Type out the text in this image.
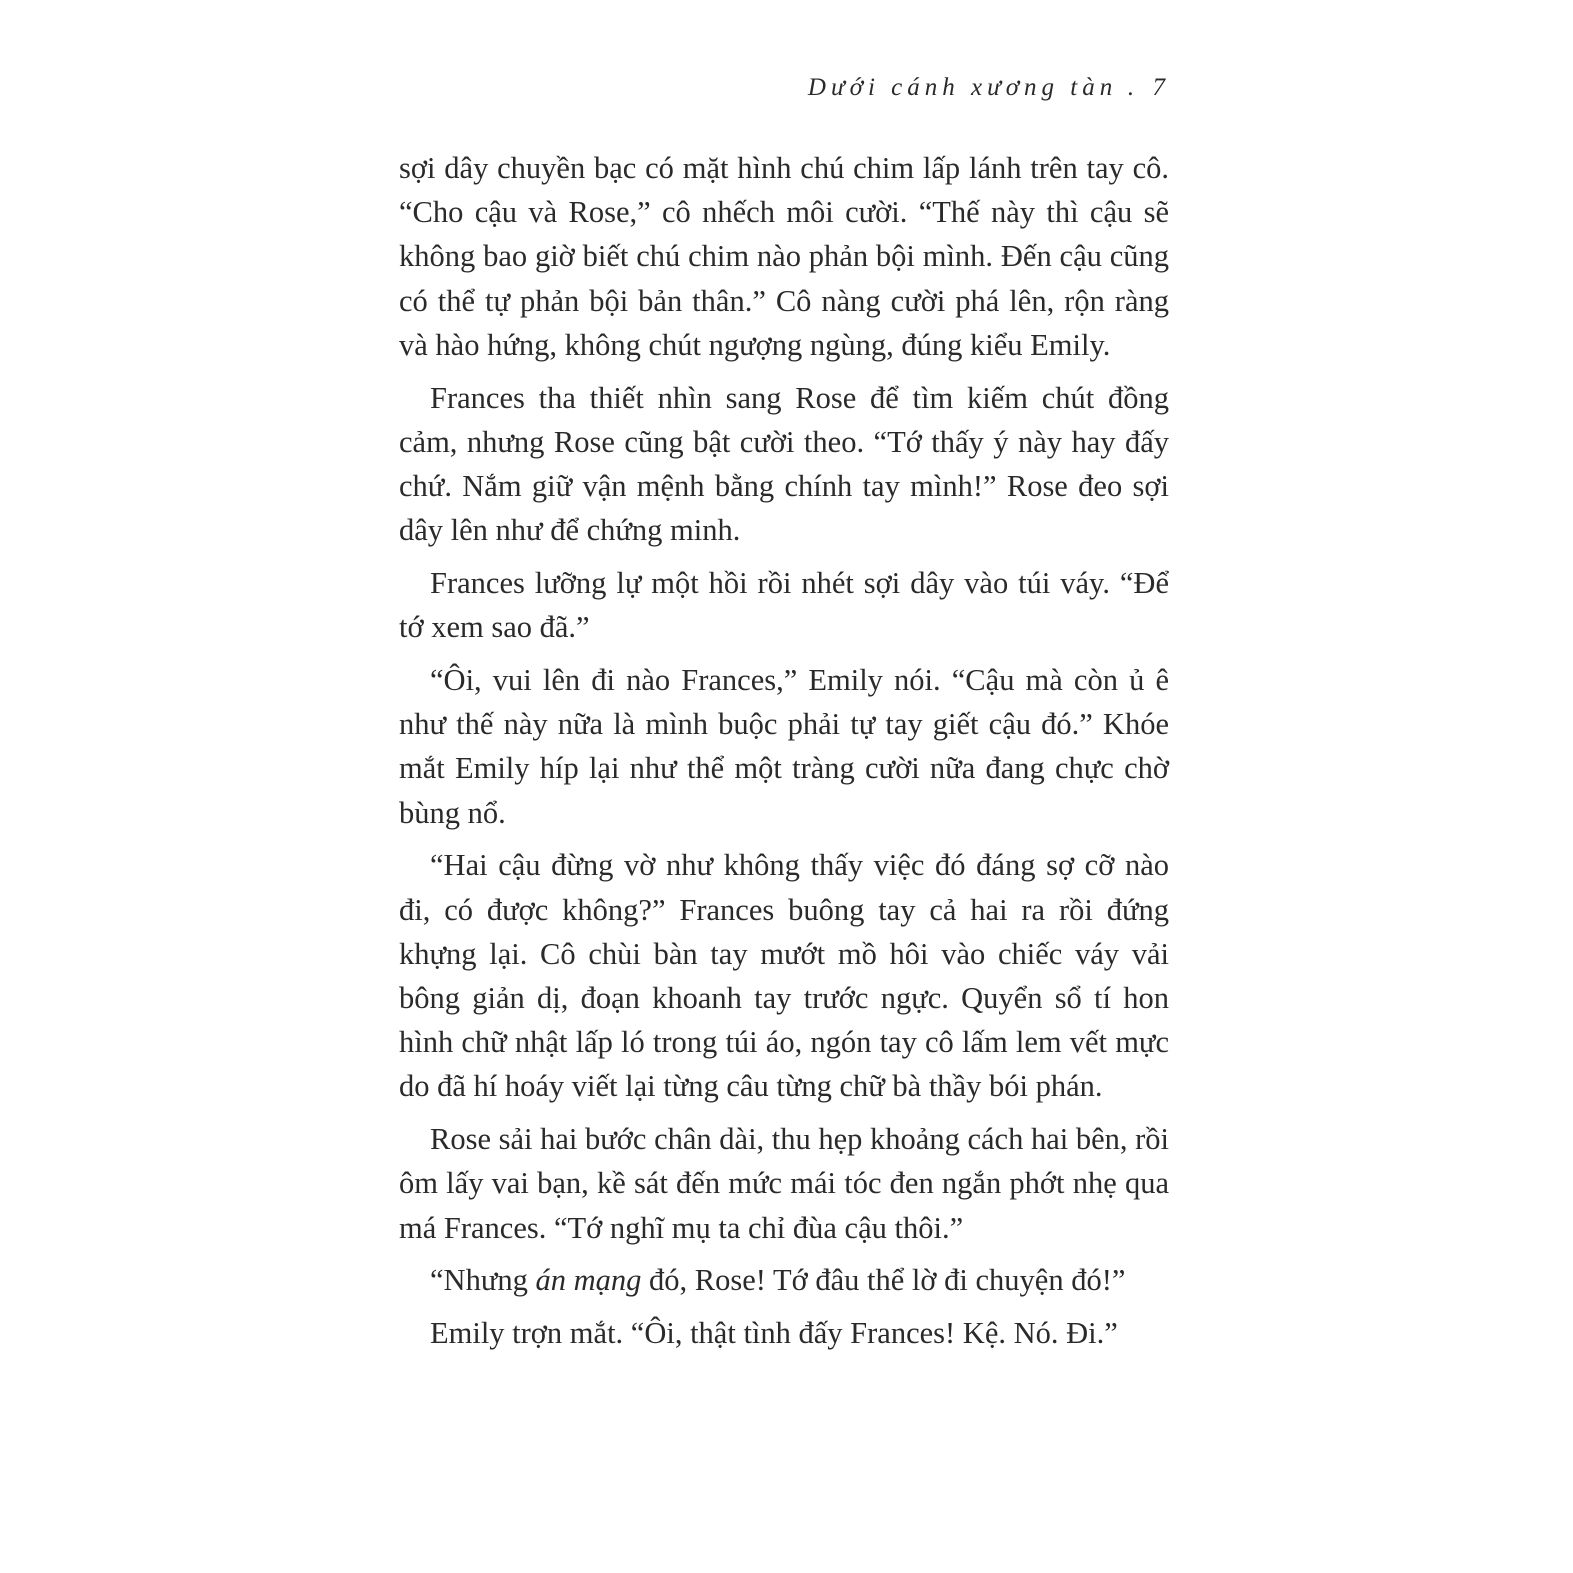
Dưới cánh xương tàn . 7

sợi dây chuyền bạc có mặt hình chú chim lấp lánh trên tay cô. “Cho cậu và Rose,” cô nhếch môi cười. “Thế này thì cậu sẽ không bao giờ biết chú chim nào phản bội mình. Đến cậu cũng có thể tự phản bội bản thân.” Cô nàng cười phá lên, rộn ràng và hào hứng, không chút ngượng ngùng, đúng kiểu Emily.

Frances tha thiết nhìn sang Rose để tìm kiếm chút đồng cảm, nhưng Rose cũng bật cười theo. “Tớ thấy ý này hay đấy chứ. Nắm giữ vận mệnh bằng chính tay mình!” Rose đeo sợi dây lên như để chứng minh.

Frances lưỡng lự một hồi rồi nhét sợi dây vào túi váy. “Để tớ xem sao đã.”

“Ôi, vui lên đi nào Frances,” Emily nói. “Cậu mà còn ủ ê như thế này nữa là mình buộc phải tự tay giết cậu đó.” Khóe mắt Emily híp lại như thể một tràng cười nữa đang chực chờ bùng nổ.

“Hai cậu đừng vờ như không thấy việc đó đáng sợ cỡ nào đi, có được không?” Frances buông tay cả hai ra rồi đứng khựng lại. Cô chùi bàn tay mướt mồ hôi vào chiếc váy vải bông giản dị, đoạn khoanh tay trước ngực. Quyển sổ tí hon hình chữ nhật lấp ló trong túi áo, ngón tay cô lấm lem vết mực do đã hí hoáy viết lại từng câu từng chữ bà thầy bói phán.

Rose sải hai bước chân dài, thu hẹp khoảng cách hai bên, rồi ôm lấy vai bạn, kề sát đến mức mái tóc đen ngắn phớt nhẹ qua má Frances. “Tớ nghĩ mụ ta chỉ đùa cậu thôi.”

“Nhưng án mạng đó, Rose! Tớ đâu thể lờ đi chuyện đó!”

Emily trợn mắt. “Ôi, thật tình đấy Frances! Kệ. Nó. Đi.”
